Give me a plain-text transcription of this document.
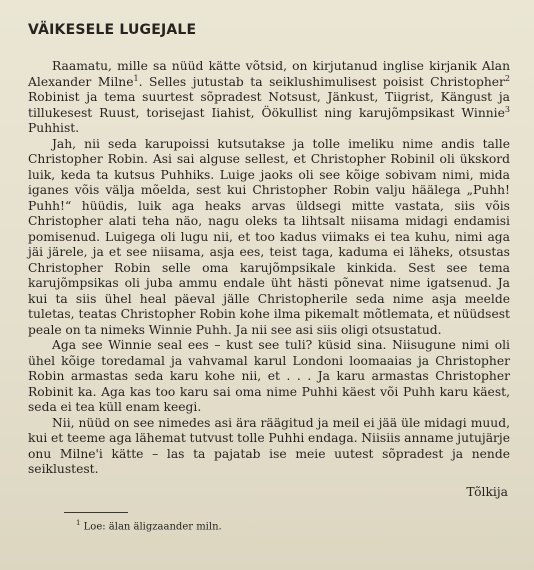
VÄIKESELE LUGEJALE

Raamatu, mille sa nüüd kätte võtsid, on kirjutanud inglise kirjanik Alan Alexander Milne$^1$. Selles jutustab ta seiklushimulisest poisist Christopher$^2$ Robinist ja tema suurtest sõpradest Notsust, Jänkust, Tiigrist, Kängust ja tillukesest Ruust, torisejast Iiahist, Öökullist ning karujõmpsikast Winnie$^3$ Puhhist.

Jah, nii seda karupoissi kutsutakse ja tolle imeliku nime andis talle Christopher Robin. Asi sai alguse sellest, et Christopher Robinil oli ükskord luik, keda ta kutsus Puhhiks. Luige jaoks oli see kõige sobivam nimi, mida iganes võis välja mõelda, sest kui Christopher Robin valju häälega „Puhh! Puhh!“ hüüdis, luik aga heaks arvas üldsegi mitte vastata, siis võis Christopher alati teha näo, nagu oleks ta lihtsalt niisama midagi endamisi pomisenud. Luigega oli lugu nii, et too kadus viimaks ei tea kuhu, nimi aga jäi järele, ja et see niisama, asja ees, teist taga, kaduma ei läheks, otsustas Christopher Robin selle oma karujõmpsikale kinkida. Sest see tema karujõmpsikas oli juba ammu endale üht hästi põnevat nime igatsenud. Ja kui ta siis ühel heal päeval jälle Christopherile seda nime asja meelde tuletas, teatas Christopher Robin kohe ilma pikemalt mõtlemata, et nüüdsest peale on ta nimeks Winnie Puhh. Ja nii see asi siis oligi otsustatud.

Aga see Winnie seal ees – kust see tuli? küsid sina. Niisugune nimi oli ühel kõige toredamal ja vahvamal karul Londoni loomaaias ja Christopher Robin armastas seda karu kohe nii, et . . . Ja karu armastas Christopher Robinit ka. Aga kas too karu sai oma nime Puhhi käest või Puhh karu käest, seda ei tea küll enam keegi.

Nii, nüüd on see nimedes asi ära räägitud ja meil ei jää üle midagi muud, kui et teeme aga lähemat tutvust tolle Puhhi endaga. Niisiis anname jutujärje onu Milne'i kätte – las ta pajatab ise meie uutest sõpradest ja nende seiklustest.

Tõlkija
$^1$ Loe: älan äligzaander miln.
